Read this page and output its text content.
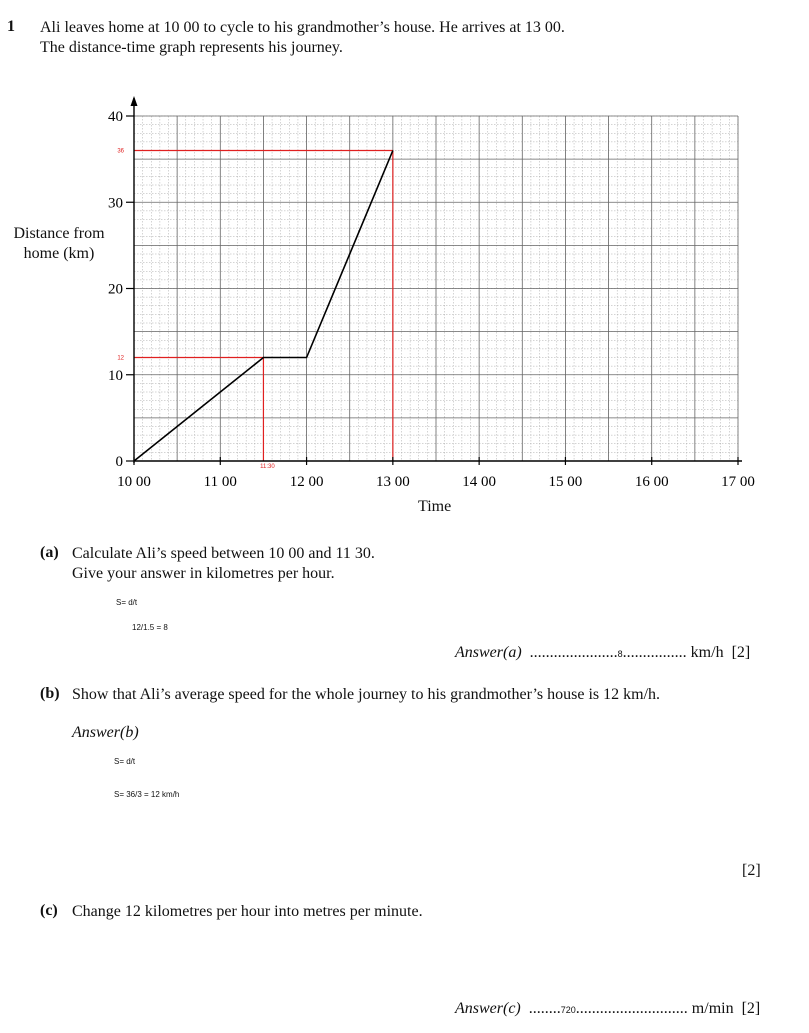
1 Ali leaves home at 10 00 to cycle to his grandmother’s house. He arrives at 13 00.
The distance-time graph represents his journey.
10 00	11 00	12 00	13 00	14 00	15 00	16 00	17 00
0
10
20
30
40
36
12
11:30
Distance from
home (km)
Time
(a) Calculate Ali’s speed between 10 00 and 11 30.
Give your answer in kilometres per hour.
S= d/t
12/1.5 = 8
Answer(a)  ......................8................ km/h [2]
(b) Show that Ali’s average speed for the whole journey to his grandmother’s house is 12 km/h.
Answer(b)
S= d/t
S= 36/3 = 12 km/h
[2]
(c) Change 12 kilometres per hour into metres per minute.
Answer(c)  ........720............................ m/min [2]
